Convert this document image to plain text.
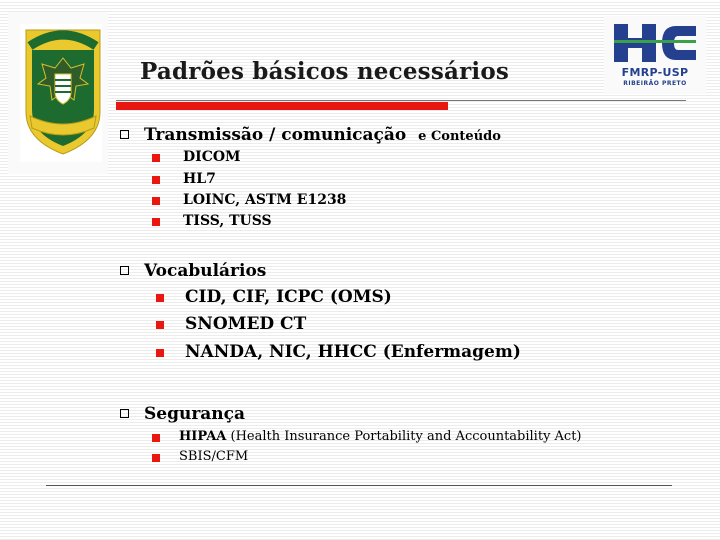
FMRP-USP
RIBEIRÃO PRETO
Padrões básicos necessários
Transmissão / comunicação e Conteúdo
DICOM
HL7
LOINC, ASTM E1238
TISS, TUSS
Vocabulários
CID, CIF, ICPC (OMS)
SNOMED CT
NANDA, NIC, HHCC (Enfermagem)
Segurança
HIPAA (Health Insurance Portability and Accountability Act)
SBIS/CFM
